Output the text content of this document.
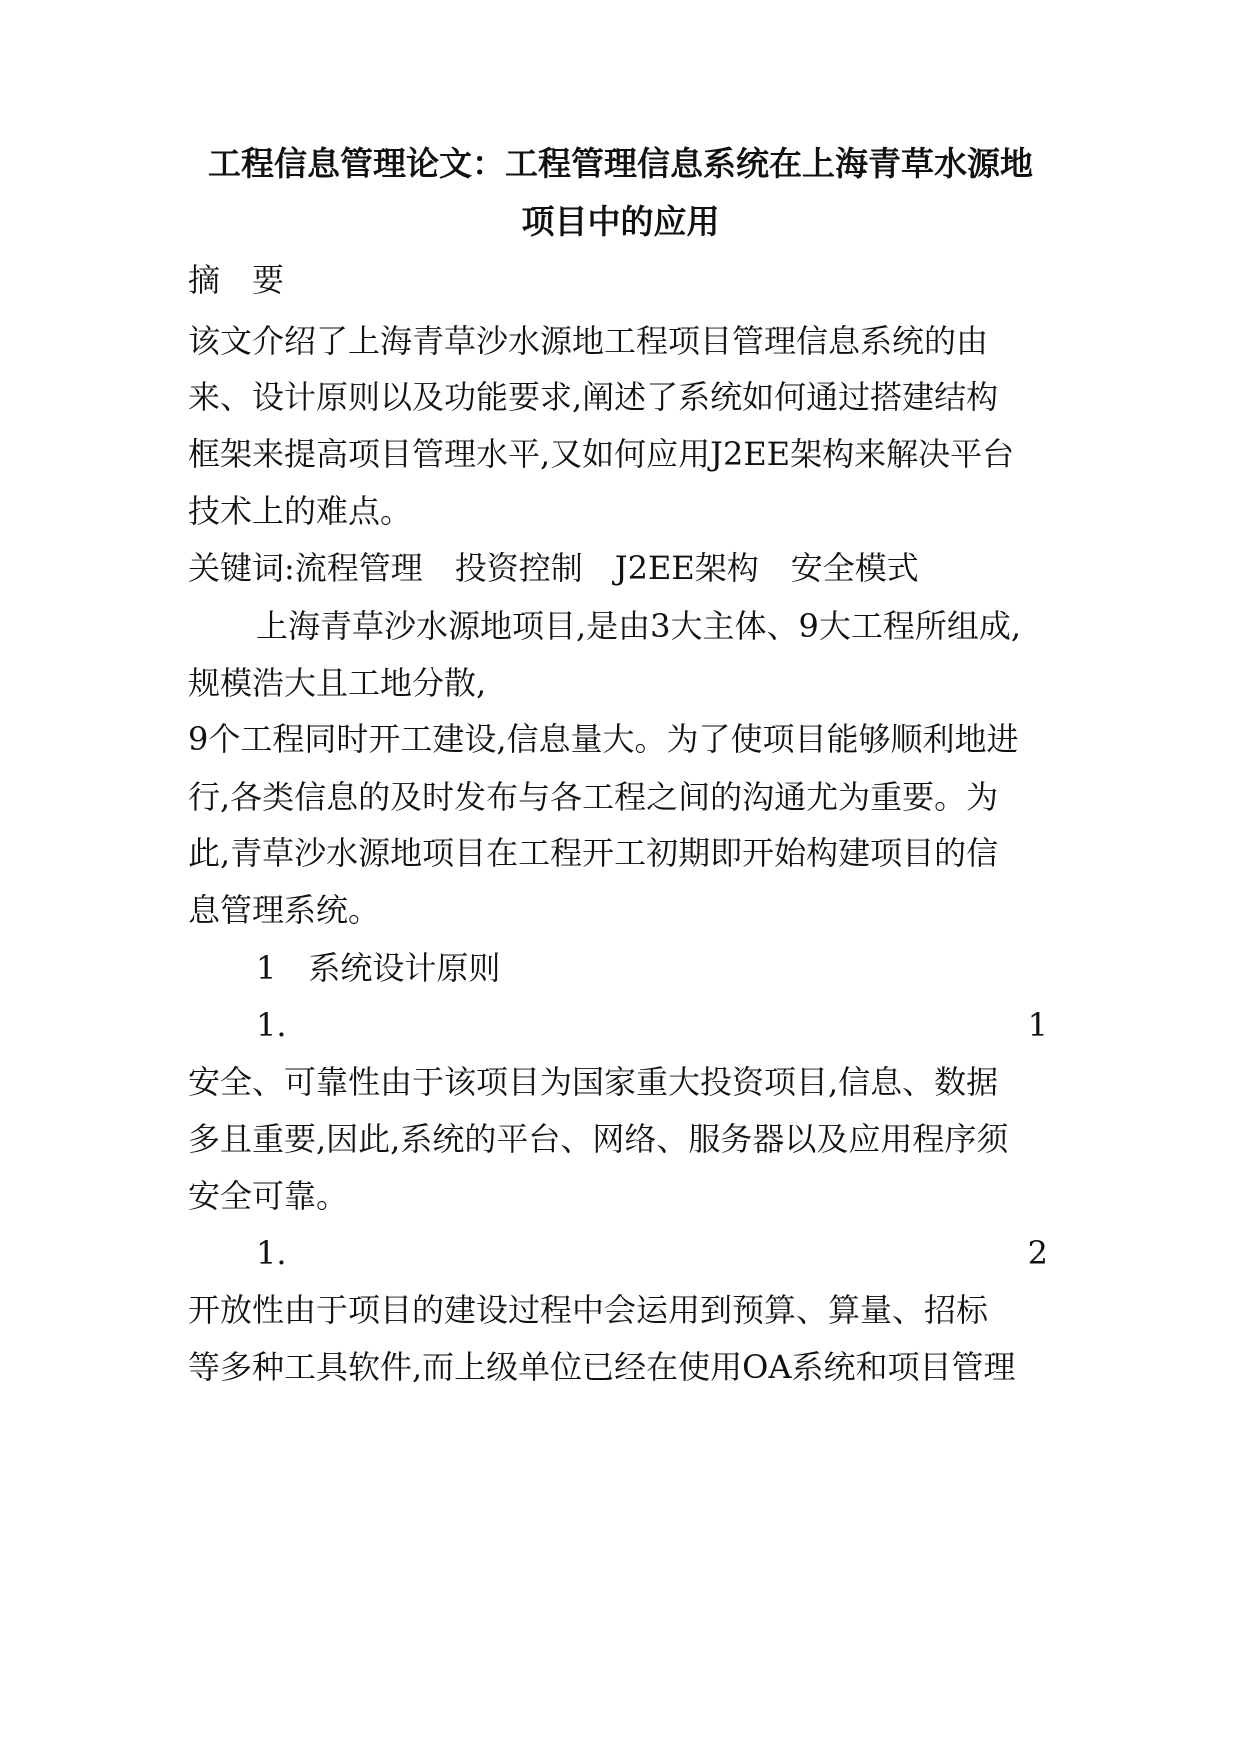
工程信息管理论文：工程管理信息系统在上海青草水源地
项目中的应用
摘　要
该文介绍了上海青草沙水源地工程项目管理信息系统的由
来、设计原则以及功能要求,阐述了系统如何通过搭建结构
框架来提高项目管理水平,又如何应用J2EE架构来解决平台
技术上的难点。
关键词:流程管理　投资控制　J2EE架构　安全模式
上海青草沙水源地项目,是由3大主体、9大工程所组成,
规模浩大且工地分散,
9个工程同时开工建设,信息量大。为了使项目能够顺利地进
行,各类信息的及时发布与各工程之间的沟通尤为重要。为
此,青草沙水源地项目在工程开工初期即开始构建项目的信
息管理系统。
1　系统设计原则
1.	1
安全、可靠性由于该项目为国家重大投资项目,信息、数据
多且重要,因此,系统的平台、网络、服务器以及应用程序须
安全可靠。
1.	2
开放性由于项目的建设过程中会运用到预算、算量、招标
等多种工具软件,而上级单位已经在使用OA系统和项目管理
